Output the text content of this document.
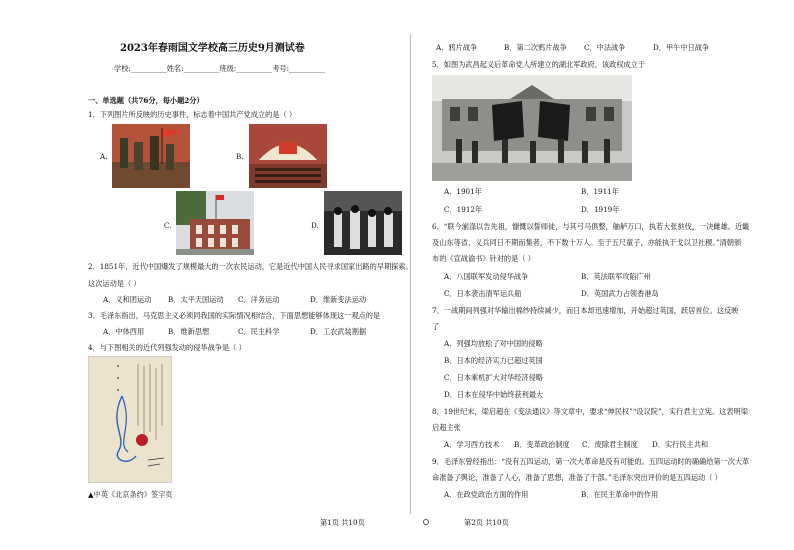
2023年春雨国文学校高三历史9月测试卷
学校:__________姓名:__________班级:__________考号:__________
一、单选题（共76分，每小题2分）
1．下列图片所反映的历史事件，标志着中国共产党成立的是（ ）
A.	B.
C.	D.
2．1851年，近代中国爆发了规模最大的一次农民运动，它是近代中国人民寻求国家出路的早期探索。
这次运动是（ ）
A．义和团运动 B．太平天国运动 C．洋务运动	D．维新变法运动
3．毛泽东指出，马克思主义必须同我国的实际情况相结合，下面思想能够体现这一观点的是
A．中体西用	B．维新思想	C．民主科学	D．工农武装割据
4．与下图相关的近代列强发动的侵华战争是（ ）
▲中英《北京条约》签字页
第1页 共10页
A．鸦片战争	B．第二次鸦片战争 C．中法战争	D．甲午中日战争
5．如图为武昌起义后革命党人所建立的湖北军政府，该政权成立于
A．1901年	B．1911年
C．1912年	D．1919年
6．“联今湔涤以告先祖，慷慨以誓师徒，与其弓马俱整，舳舻万口，执若大张挞伐，一决雌雄。近畿
及山东等省，义兵同日不期而集者，不下数十万人。至于五尺童子，亦能执干戈以卫社稷。”清朝颁
布的《宣战谕书》针对的是（ ）
A．八国联军发动侵华战争	B．英法联军攻陷广州
C．日本袭击清军运兵船	D．英国武力占领香港岛
7．一战期间列强对华输出棉纱持续减少，而日本却迅速增加，开始超过英国，跃居首位。这反映
了
A．列强均放松了对中国的侵略
B．日本的经济实力已超过英国
C．日本乘机扩大对华经济侵略
D．日本在侵华中始终获利最大
8．19世纪末，梁启超在《变法通议》等文章中，要求“伸民权”“设议院”，实行君主立宪。这表明梁
启超主张
A．学习西方技术 B．变革政治制度 C．废除君主制度 D．实行民主共和
9．毛泽东曾经指出：“没有五四运动，第一次大革命是没有可能的。五四运动时的确确给第一次大革
命准备了舆论，准备了人心，准备了思想，准备了干部。”毛泽东突出评价的是五四运动（ ）
A．在政党政治方面的作用	B．在民主革命中的作用
第2页 共10页
